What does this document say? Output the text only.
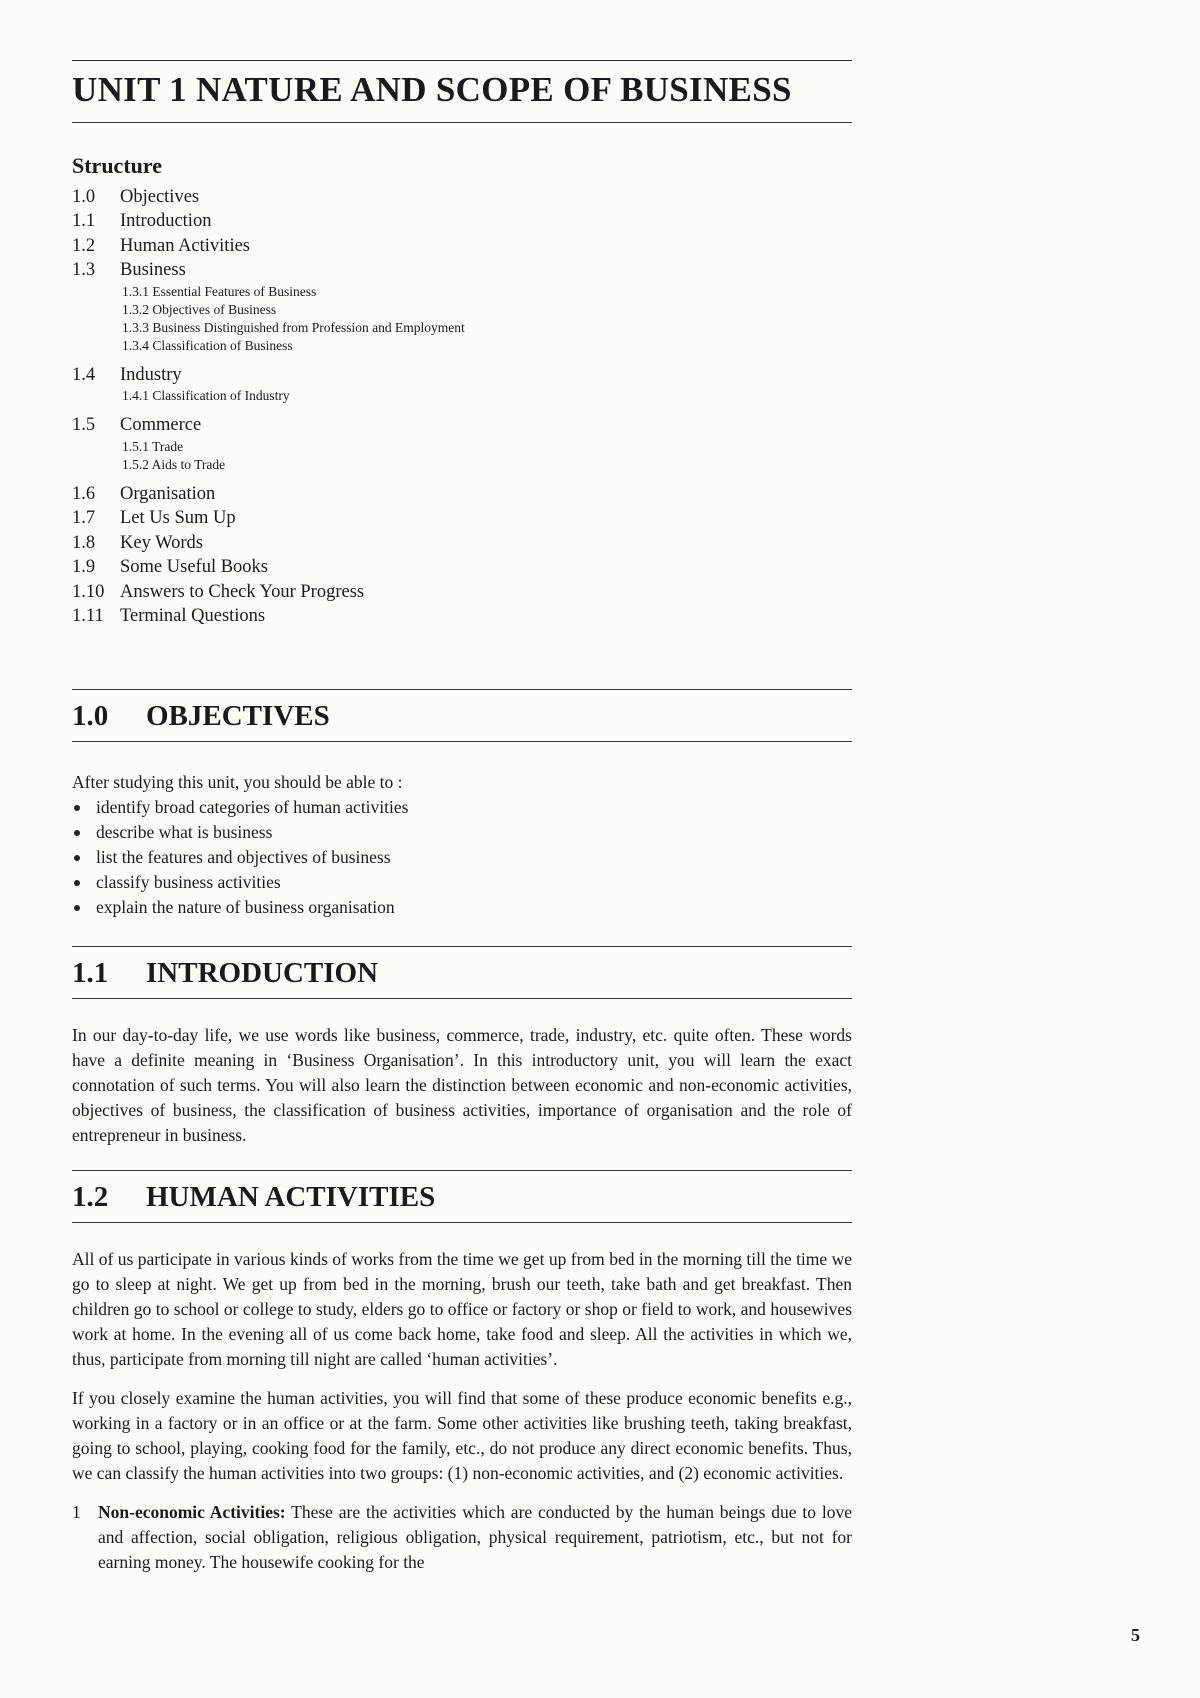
UNIT 1 NATURE AND SCOPE OF BUSINESS
Structure
1.0	Objectives
1.1	Introduction
1.2	Human Activities
1.3	Business
1.3.1 Essential Features of Business
1.3.2 Objectives of Business
1.3.3 Business Distinguished from Profession and Employment
1.3.4 Classification of Business
1.4	Industry
1.4.1 Classification of Industry
1.5	Commerce
1.5.1 Trade
1.5.2 Aids to Trade
1.6	Organisation
1.7	Let Us Sum Up
1.8	Key Words
1.9	Some Useful Books
1.10 Answers to Check Your Progress
1.11 Terminal Questions
1.0	OBJECTIVES

After studying this unit, you should be able to :

identify broad categories of human activities
describe what is business
list the features and objectives of business
classify business activities
explain the nature of business organisation
1.1	INTRODUCTION

In our day-to-day life, we use words like business, commerce, trade, industry, etc. quite often. These words have a definite meaning in ‘Business Organisation’. In this introductory unit, you will learn the exact connotation of such terms. You will also learn the distinction between economic and non-economic activities, objectives of business, the classification of business activities, importance of organisation and the role of entrepreneur in business.

1.2	HUMAN ACTIVITIES

All of us participate in various kinds of works from the time we get up from bed in the morning till the time we go to sleep at night. We get up from bed in the morning, brush our teeth, take bath and get breakfast. Then children go to school or college to study, elders go to office or factory or shop or field to work, and housewives work at home. In the evening all of us come back home, take food and sleep. All the activities in which we, thus, participate from morning till night are called ‘human activities’.

If you closely examine the human activities, you will find that some of these produce economic benefits e.g., working in a factory or in an office or at the farm. Some other activities like brushing teeth, taking breakfast, going to school, playing, cooking food for the family, etc., do not produce any direct economic benefits. Thus, we can classify the human activities into two groups: (1) non-economic activities, and (2) economic activities.

1 Non-economic Activities: These are the activities which are conducted by the human beings due to love and affection, social obligation, religious obligation, physical requirement, patriotism, etc., but not for earning money. The housewife cooking for the
5
